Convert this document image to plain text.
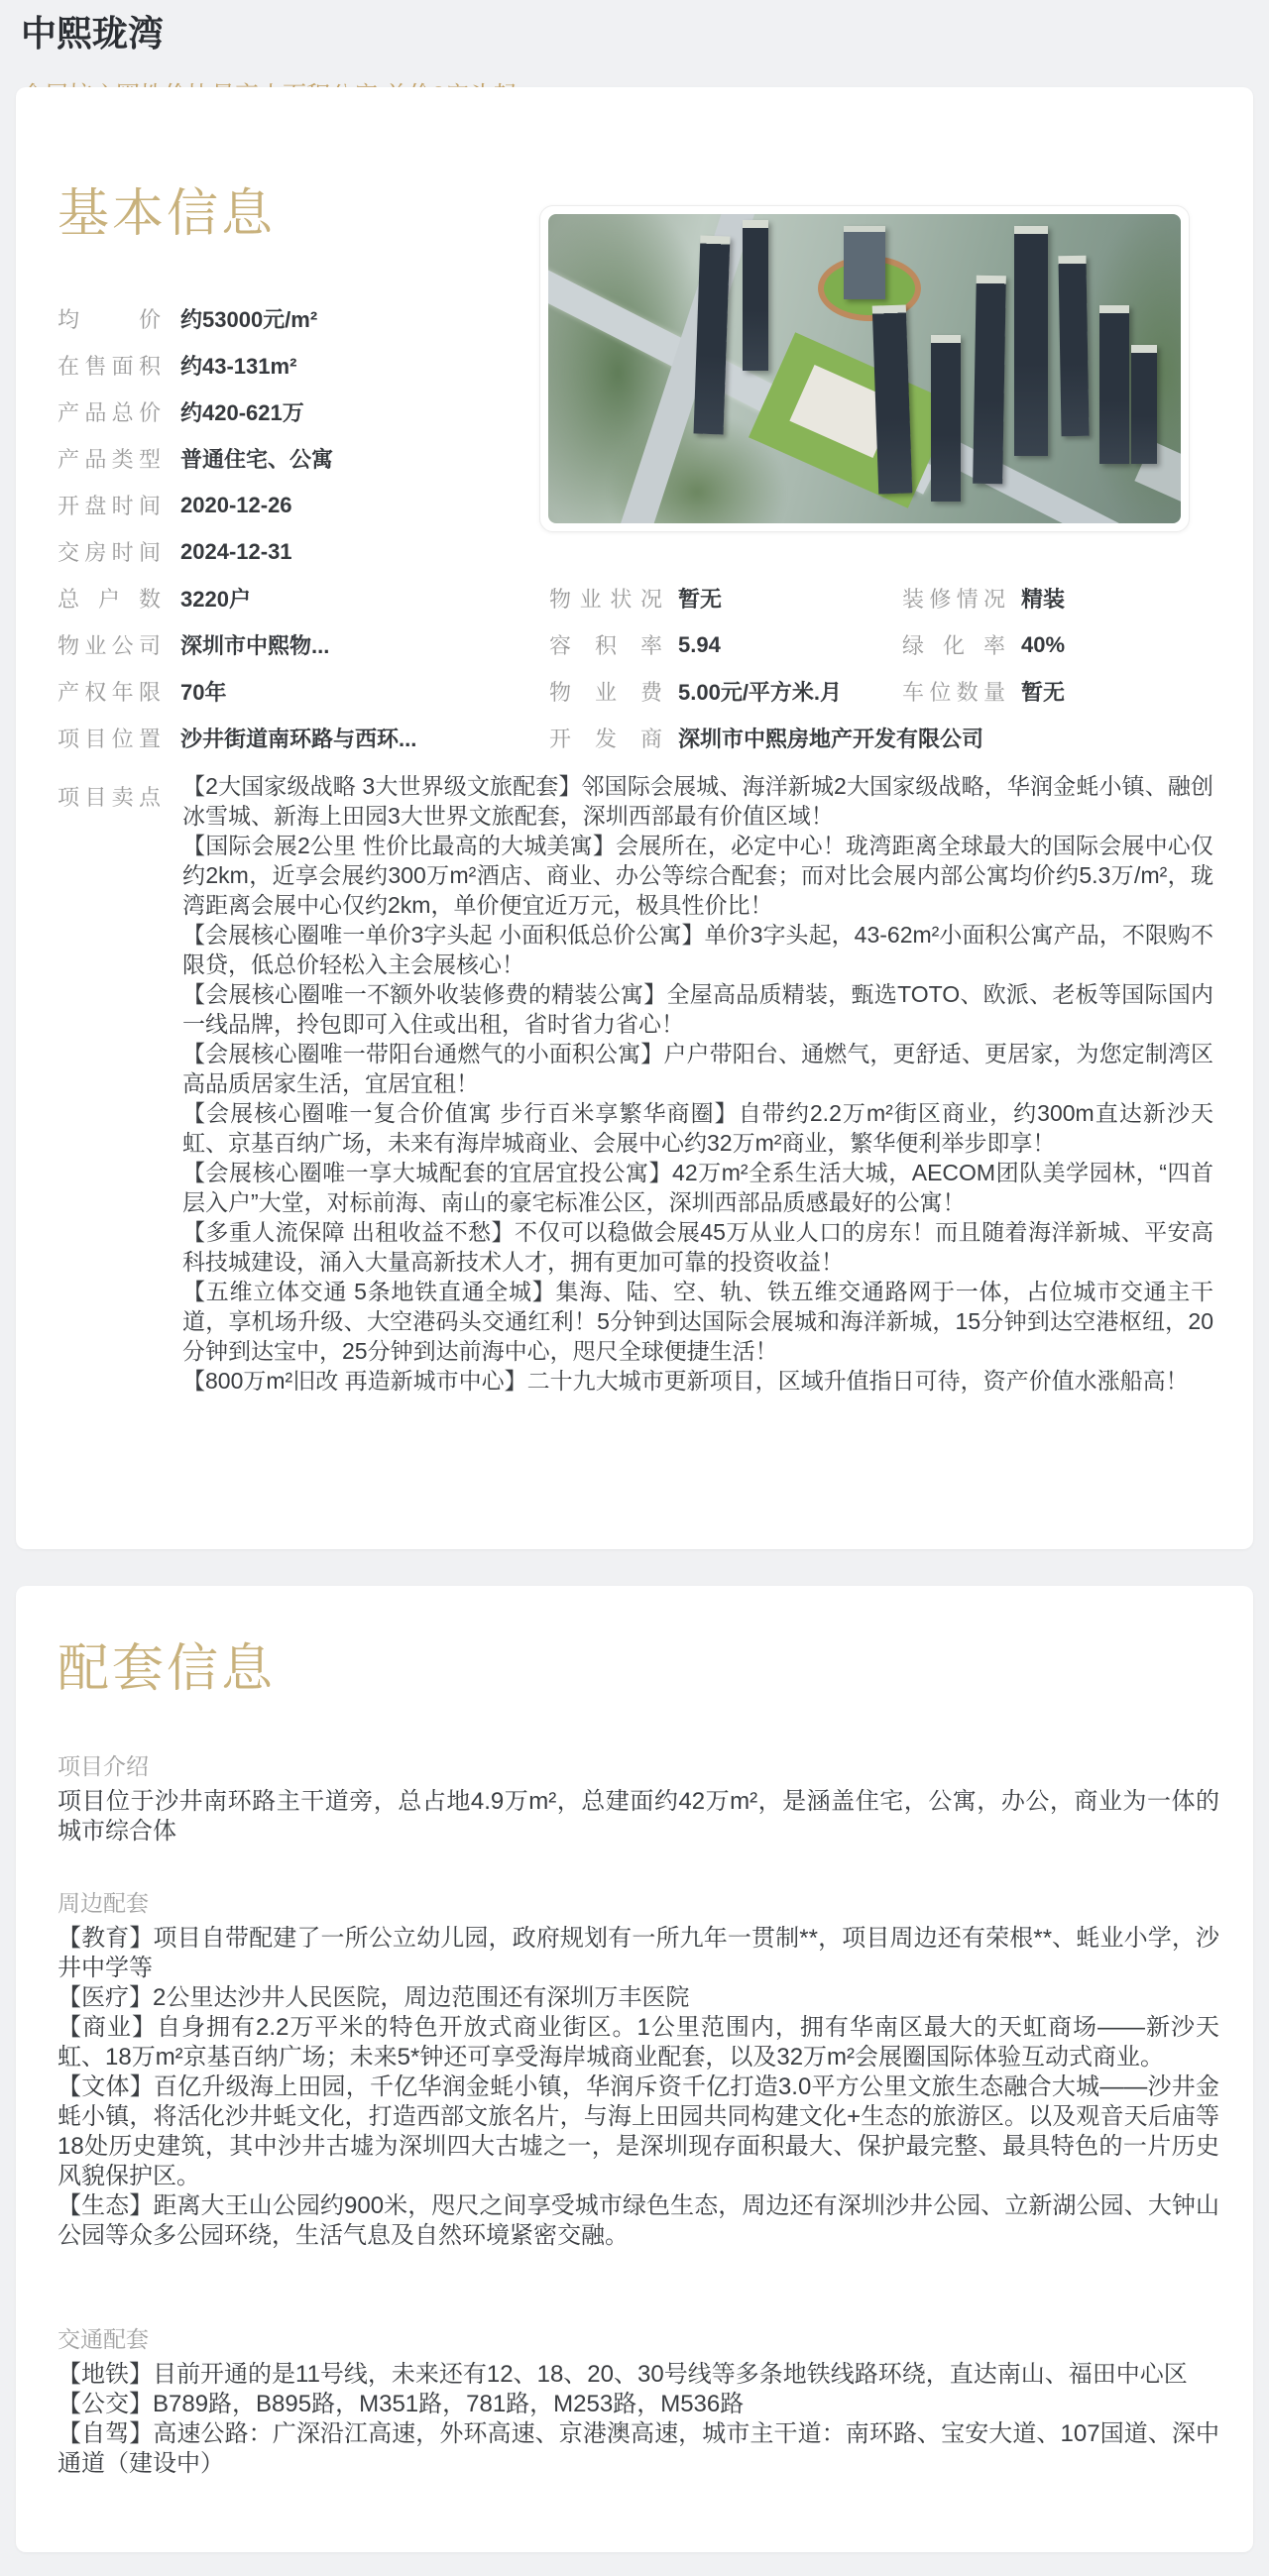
中熙珑湾
基本信息
均价 约53000元/m²
在售面积 约43-131m²
产品总价 约420-621万
产品类型 普通住宅、公寓
开盘时间 2020-12-26
交房时间 2024-12-31
总户数 3220户
物业公司 深圳市中熙物...
产权年限 70年
项目位置 沙井街道南环路与西环...
物业状况 暂无
容积率 5.94
物业费 5.00元/平方米.月
开发商 深圳市中熙房地产开发有限公司
装修情况 精装
绿化率 40%
车位数量 暂无
项目卖点 【2大国家级战略 3大世界级文旅配套】邻国际会展城、海洋新城2大国家级战略，华润金蚝小镇、融创冰雪城、新海上田园3大世界文旅配套，深圳西部最有价值区域！

【国际会展2公里 性价比最高的大城美寓】会展所在，必定中心！珑湾距离全球最大的国际会展中心仅约2km，近享会展约300万m²酒店、商业、办公等综合配套；而对比会展内部公寓均价约5.3万/m²，珑湾距离会展中心仅约2km，单价便宜近万元，极具性价比！

【会展核心圈唯一单价3字头起 小面积低总价公寓】单价3字头起，43-62m²小面积公寓产品，不限购不限贷，低总价轻松入主会展核心！

【会展核心圈唯一不额外收装修费的精装公寓】全屋高品质精装，甄选TOTO、欧派、老板等国际国内一线品牌，拎包即可入住或出租，省时省力省心！

【会展核心圈唯一带阳台通燃气的小面积公寓】户户带阳台、通燃气，更舒适、更居家，为您定制湾区高品质居家生活，宜居宜租！

【会展核心圈唯一复合价值寓 步行百米享繁华商圈】自带约2.2万m²街区商业，约300m直达新沙天虹、京基百纳广场，未来有海岸城商业、会展中心约32万m²商业，繁华便利举步即享！

【会展核心圈唯一享大城配套的宜居宜投公寓】42万m²全系生活大城，AECOM团队美学园林，“四首层入户”大堂，对标前海、南山的豪宅标准公区，深圳西部品质感最好的公寓！

【多重人流保障 出租收益不愁】不仅可以稳做会展45万从业人口的房东！而且随着海洋新城、平安高科技城建设，涌入大量高新技术人才，拥有更加可靠的投资收益！

【五维立体交通 5条地铁直通全城】集海、陆、空、轨、铁五维交通路网于一体，占位城市交通主干道，享机场升级、大空港码头交通红利！5分钟到达国际会展城和海洋新城，15分钟到达空港枢纽，20分钟到达宝中，25分钟到达前海中心，咫尺全球便捷生活！

【800万m²旧改 再造新城市中心】二十九大城市更新项目，区域升值指日可待，资产价值水涨船高！

配套信息
项目介绍

项目位于沙井南环路主干道旁，总占地4.9万m²，总建面约42万m²，是涵盖住宅，公寓，办公，商业为一体的城市综合体

周边配套

【教育】项目自带配建了一所公立幼儿园，政府规划有一所九年一贯制**，项目周边还有荣根**、蚝业小学，沙井中学等

【医疗】2公里达沙井人民医院，周边范围还有深圳万丰医院

【商业】自身拥有2.2万平米的特色开放式商业街区。1公里范围内，拥有华南区最大的天虹商场——新沙天虹、18万m²京基百纳广场；未来5*钟还可享受海岸城商业配套，以及32万m²会展圈国际体验互动式商业。

【文体】百亿升级海上田园，千亿华润金蚝小镇，华润斥资千亿打造3.0平方公里文旅生态融合大城——沙井金蚝小镇，将活化沙井蚝文化，打造西部文旅名片，与海上田园共同构建文化+生态的旅游区。以及观音天后庙等18处历史建筑，其中沙井古墟为深圳四大古墟之一，是深圳现存面积最大、保护最完整、最具特色的一片历史风貌保护区。

【生态】距离大王山公园约900米，咫尺之间享受城市绿色生态，周边还有深圳沙井公园、立新湖公园、大钟山公园等众多公园环绕，生活气息及自然环境紧密交融。

交通配套

【地铁】目前开通的是11号线，未来还有12、18、20、30号线等多条地铁线路环绕，直达南山、福田中心区

【公交】B789路，B895路，M351路，781路，M253路，M536路

【自驾】高速公路：广深沿江高速，外环高速、京港澳高速，城市主干道：南环路、宝安大道、107国道、深中通道（建设中）
